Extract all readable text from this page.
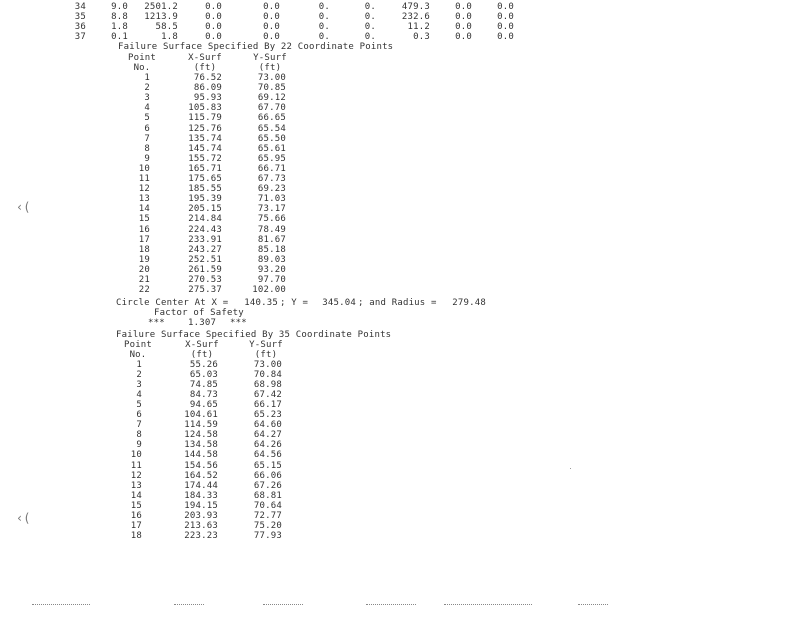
34	9.0	2501.2	0.0	0.0	0.	0.	479.3	0.0	0.0
35	8.8	1213.9	0.0	0.0	0.	0.	232.6	0.0	0.0
36	1.8	58.5	0.0	0.0	0.	0.	11.2	0.0	0.0
37	0.1	1.8	0.0	0.0	0.	0.	0.3	0.0	0.0
Failure Surface Specified By 22 Coordinate Points
Point	X-Surf	Y-Surf
No.	(ft)	(ft)
1	76.52	73.00
2	86.09	70.85
3	95.93	69.12
4	105.83	67.70
5	115.79	66.65
6	125.76	65.54
7	135.74	65.50
8	145.74	65.61
9	155.72	65.95
10	165.71	66.71
11	175.65	67.73
12	185.55	69.23
13	195.39	71.03
14	205.15	73.17
15	214.84	75.66
16	224.43	78.49
17	233.91	81.67
18	243.27	85.18
19	252.51	89.03
20	261.59	93.20
21	270.53	97.70
22	275.37	102.00
Circle Center At X =	140.35 ; Y =	345.04 ; and Radius =	279.48
Factor of Safety
***	1.307 ***
Failure Surface Specified By 35 Coordinate Points
Point	X-Surf	Y-Surf
No.	(ft)	(ft)
1	55.26	73.00
2	65.03	70.84
3	74.85	68.98
4	84.73	67.42
5	94.65	66.17
6	104.61	65.23
7	114.59	64.60
8	124.58	64.27
9	134.58	64.26
10	144.58	64.56
11	154.56	65.15
12	164.52	66.06
13	174.44	67.26
14	184.33	68.81
15	194.15	70.64
16	203.93	72.77
17	213.63	75.20
18	223.23	77.93
‹(
‹(
